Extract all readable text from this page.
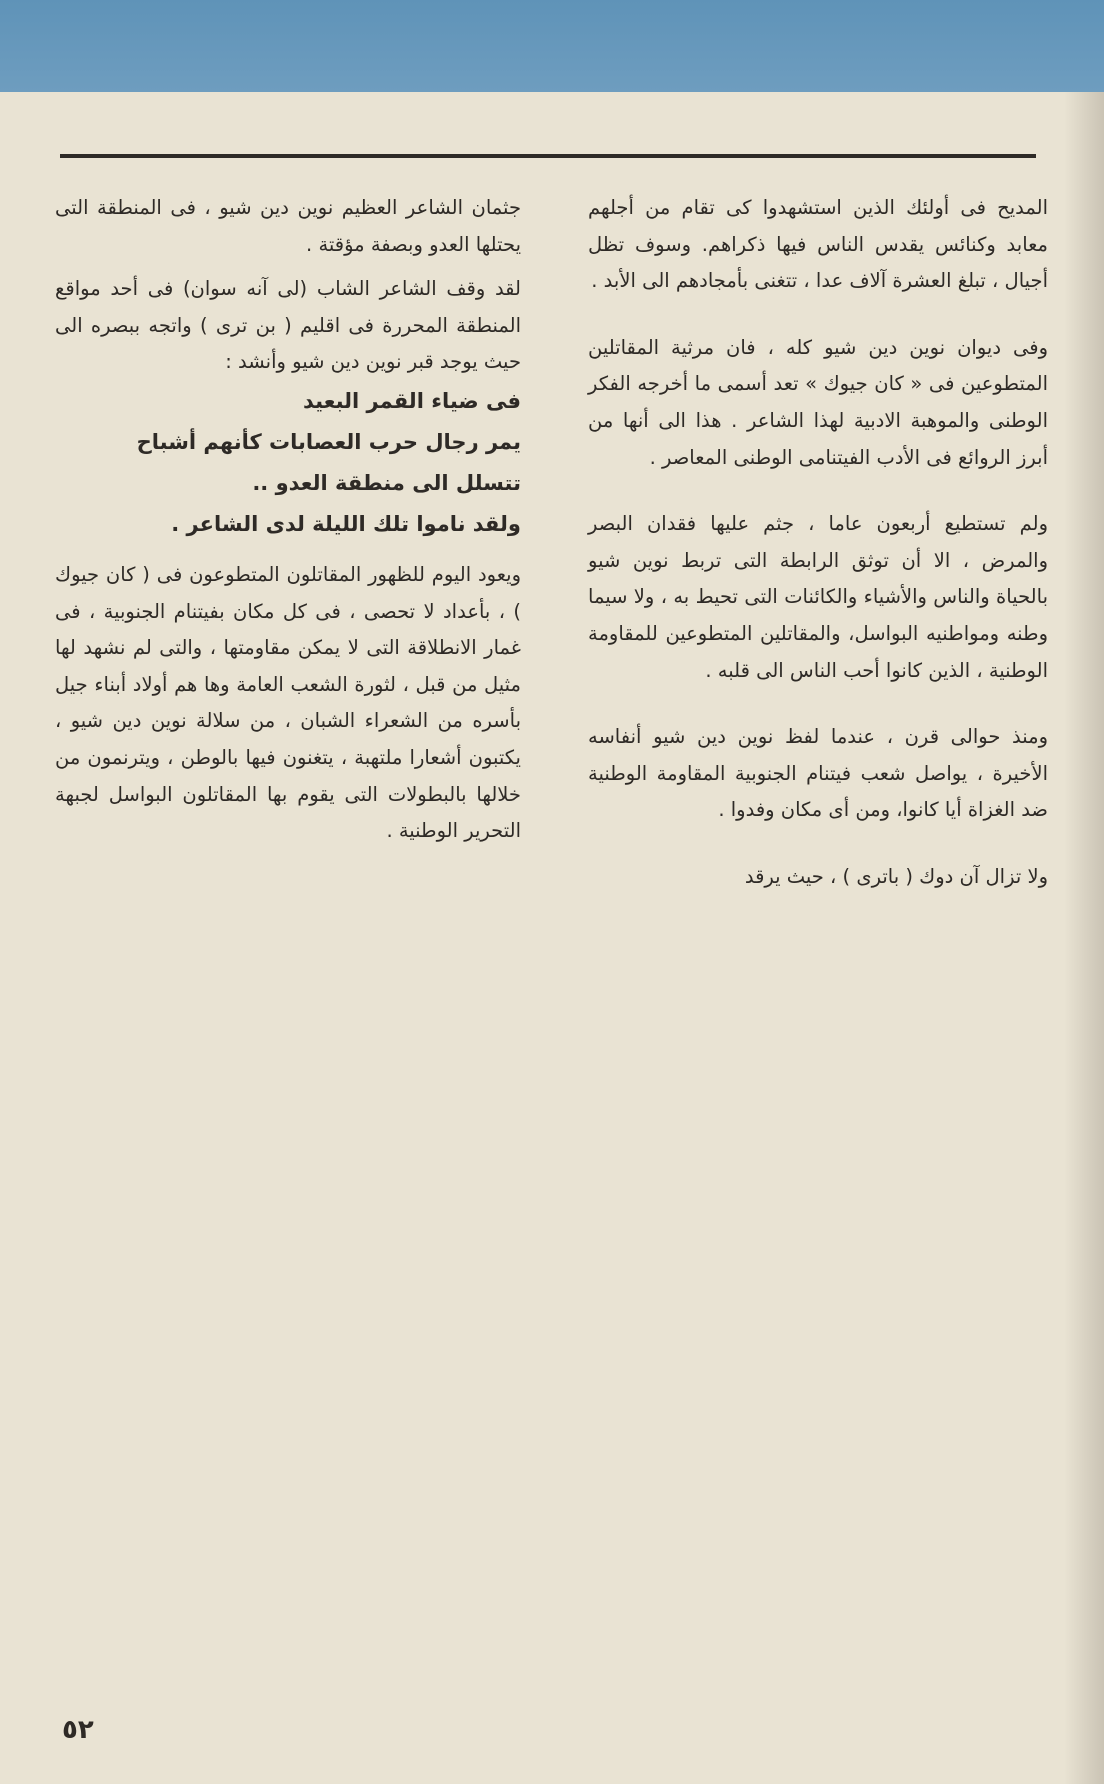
المديح فى أولئك الذين استشهدوا كى تقام من أجلهم معابد وكنائس يقدس الناس فيها ذكراهم. وسوف تظل أجيال ، تبلغ العشرة آلاف عدا ، تتغنى بأمجادهم الى الأبد .

وفى ديوان نوين دين شيو كله ، فان مرثية المقاتلين المتطوعين فى « كان جيوك » تعد أسمى ما أخرجه الفكر الوطنى والموهبة الادبية لهذا الشاعر . هذا الى أنها من أبرز الروائع فى الأدب الفيتنامى الوطنى المعاصر .

ولم تستطيع أربعون عاما ، جثم عليها فقدان البصر والمرض ، الا أن توثق الرابطة التى تربط نوين شيو بالحياة والناس والأشياء والكائنات التى تحيط به ، ولا سيما وطنه ومواطنيه البواسل، والمقاتلين المتطوعين للمقاومة الوطنية ، الذين كانوا أحب الناس الى قلبه .

ومنذ حوالى قرن ، عندما لفظ نوين دين شيو أنفاسه الأخيرة ، يواصل شعب فيتنام الجنوبية المقاومة الوطنية ضد الغزاة أيا كانوا، ومن أى مكان وفدوا .

ولا تزال آن دوك ( باترى ) ، حيث يرقد

جثمان الشاعر العظيم نوين دين شيو ، فى المنطقة التى يحتلها العدو وبصفة مؤقتة .

لقد وقف الشاعر الشاب (لى آنه سوان) فى أحد مواقع المنطقة المحررة فى اقليم ( بن ترى ) واتجه ببصره الى حيث يوجد قبر نوين دين شيو وأنشد :

فى ضياء القمر البعيد
يمر رجال حرب العصابات كأنهم أشباح
تتسلل الى منطقة العدو ..
ولقد ناموا تلك الليلة لدى الشاعر .

ويعود اليوم للظهور المقاتلون المتطوعون فى ( كان جيوك ) ، بأعداد لا تحصى ، فى كل مكان بفيتنام الجنوبية ، فى غمار الانطلاقة التى لا يمكن مقاومتها ، والتى لم نشهد لها مثيل من قبل ، لثورة الشعب العامة وها هم أولاد أبناء جيل بأسره من الشعراء الشبان ، من سلالة نوين دين شيو ، يكتبون أشعارا ملتهبة ، يتغنون فيها بالوطن ، ويترنمون من خلالها بالبطولات التى يقوم بها المقاتلون البواسل لجبهة التحرير الوطنية .

٥٢
